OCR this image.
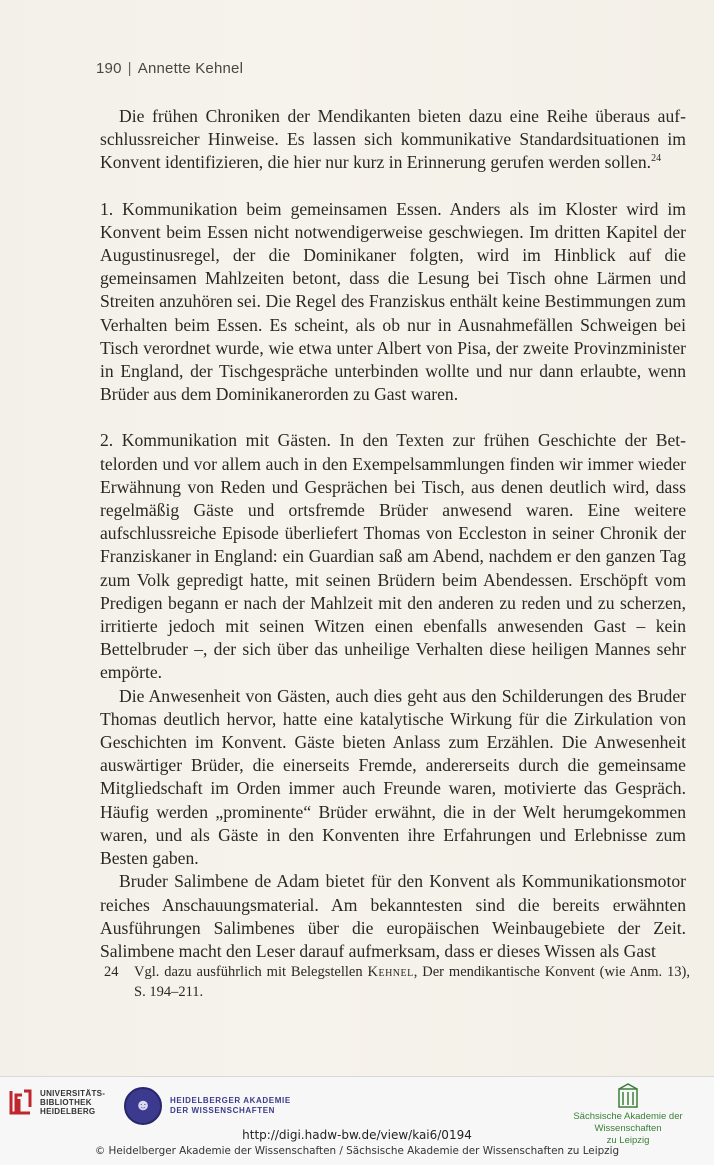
190 | Annette Kehnel

Die frühen Chroniken der Mendikanten bieten dazu eine Reihe überaus aufschlussreicher Hinweise. Es lassen sich kommunikative Standardsituationen im Konvent identifizieren, die hier nur kurz in Erinnerung gerufen werden sollen.$^{24}$

1. Kommunikation beim gemeinsamen Essen. Anders als im Kloster wird im Konvent beim Essen nicht notwendigerweise geschwiegen. Im dritten Kapitel der Augustinusregel, der die Dominikaner folgten, wird im Hinblick auf die gemeinsamen Mahlzeiten betont, dass die Lesung bei Tisch ohne Lärmen und Streiten anzuhören sei. Die Regel des Franziskus enthält keine Bestimmungen zum Verhalten beim Essen. Es scheint, als ob nur in Ausnahmefällen Schweigen bei Tisch verordnet wurde, wie etwa unter Albert von Pisa, der zweite Provinzminister in England, der Tischgespräche unterbinden wollte und nur dann erlaubte, wenn Brüder aus dem Dominikanerorden zu Gast waren.

2. Kommunikation mit Gästen. In den Texten zur frühen Geschichte der Bettelorden und vor allem auch in den Exempelsammlungen finden wir immer wieder Erwähnung von Reden und Gesprächen bei Tisch, aus denen deutlich wird, dass regelmäßig Gäste und ortsfremde Brüder anwesend waren. Eine weitere aufschlussreiche Episode überliefert Thomas von Eccleston in seiner Chronik der Franziskaner in England: ein Guardian saß am Abend, nachdem er den ganzen Tag zum Volk gepredigt hatte, mit seinen Brüdern beim Abendessen. Erschöpft vom Predigen begann er nach der Mahlzeit mit den anderen zu reden und zu scherzen, irritierte jedoch mit seinen Witzen einen ebenfalls anwesenden Gast – kein Bettelbruder –, der sich über das unheilige Verhalten diese heiligen Mannes sehr empörte.

Die Anwesenheit von Gästen, auch dies geht aus den Schilderungen des Bruder Thomas deutlich hervor, hatte eine katalytische Wirkung für die Zirkulation von Geschichten im Konvent. Gäste bieten Anlass zum Erzählen. Die Anwesenheit auswärtiger Brüder, die einerseits Fremde, andererseits durch die gemeinsame Mitgliedschaft im Orden immer auch Freunde waren, motivierte das Gespräch. Häufig werden „prominente“ Brüder erwähnt, die in der Welt herumgekommen waren, und als Gäste in den Konventen ihre Erfahrungen und Erlebnisse zum Besten gaben.

Bruder Salimbene de Adam bietet für den Konvent als Kommunikationsmotor reiches Anschauungsmaterial. Am bekanntesten sind die bereits erwähnten Ausführungen Salimbenes über die europäischen Weinbaugebiete der Zeit. Salimbene macht den Leser darauf aufmerksam, dass er dieses Wissen als Gast

24 Vgl. dazu ausführlich mit Belegstellen Kehnel, Der mendikantische Konvent (wie Anm. 13), S. 194–211.
UNIVERSITÄTS-
BIBLIOTHEK
HEIDELBERG	☻	HEIDELBERGER AKADEMIE
DER WISSENSCHAFTEN
Sächsische Akademie der Wissenschaften
zu Leipzig
http://digi.hadw-bw.de/view/kai6/0194
© Heidelberger Akademie der Wissenschaften / Sächsische Akademie der Wissenschaften zu Leipzig
